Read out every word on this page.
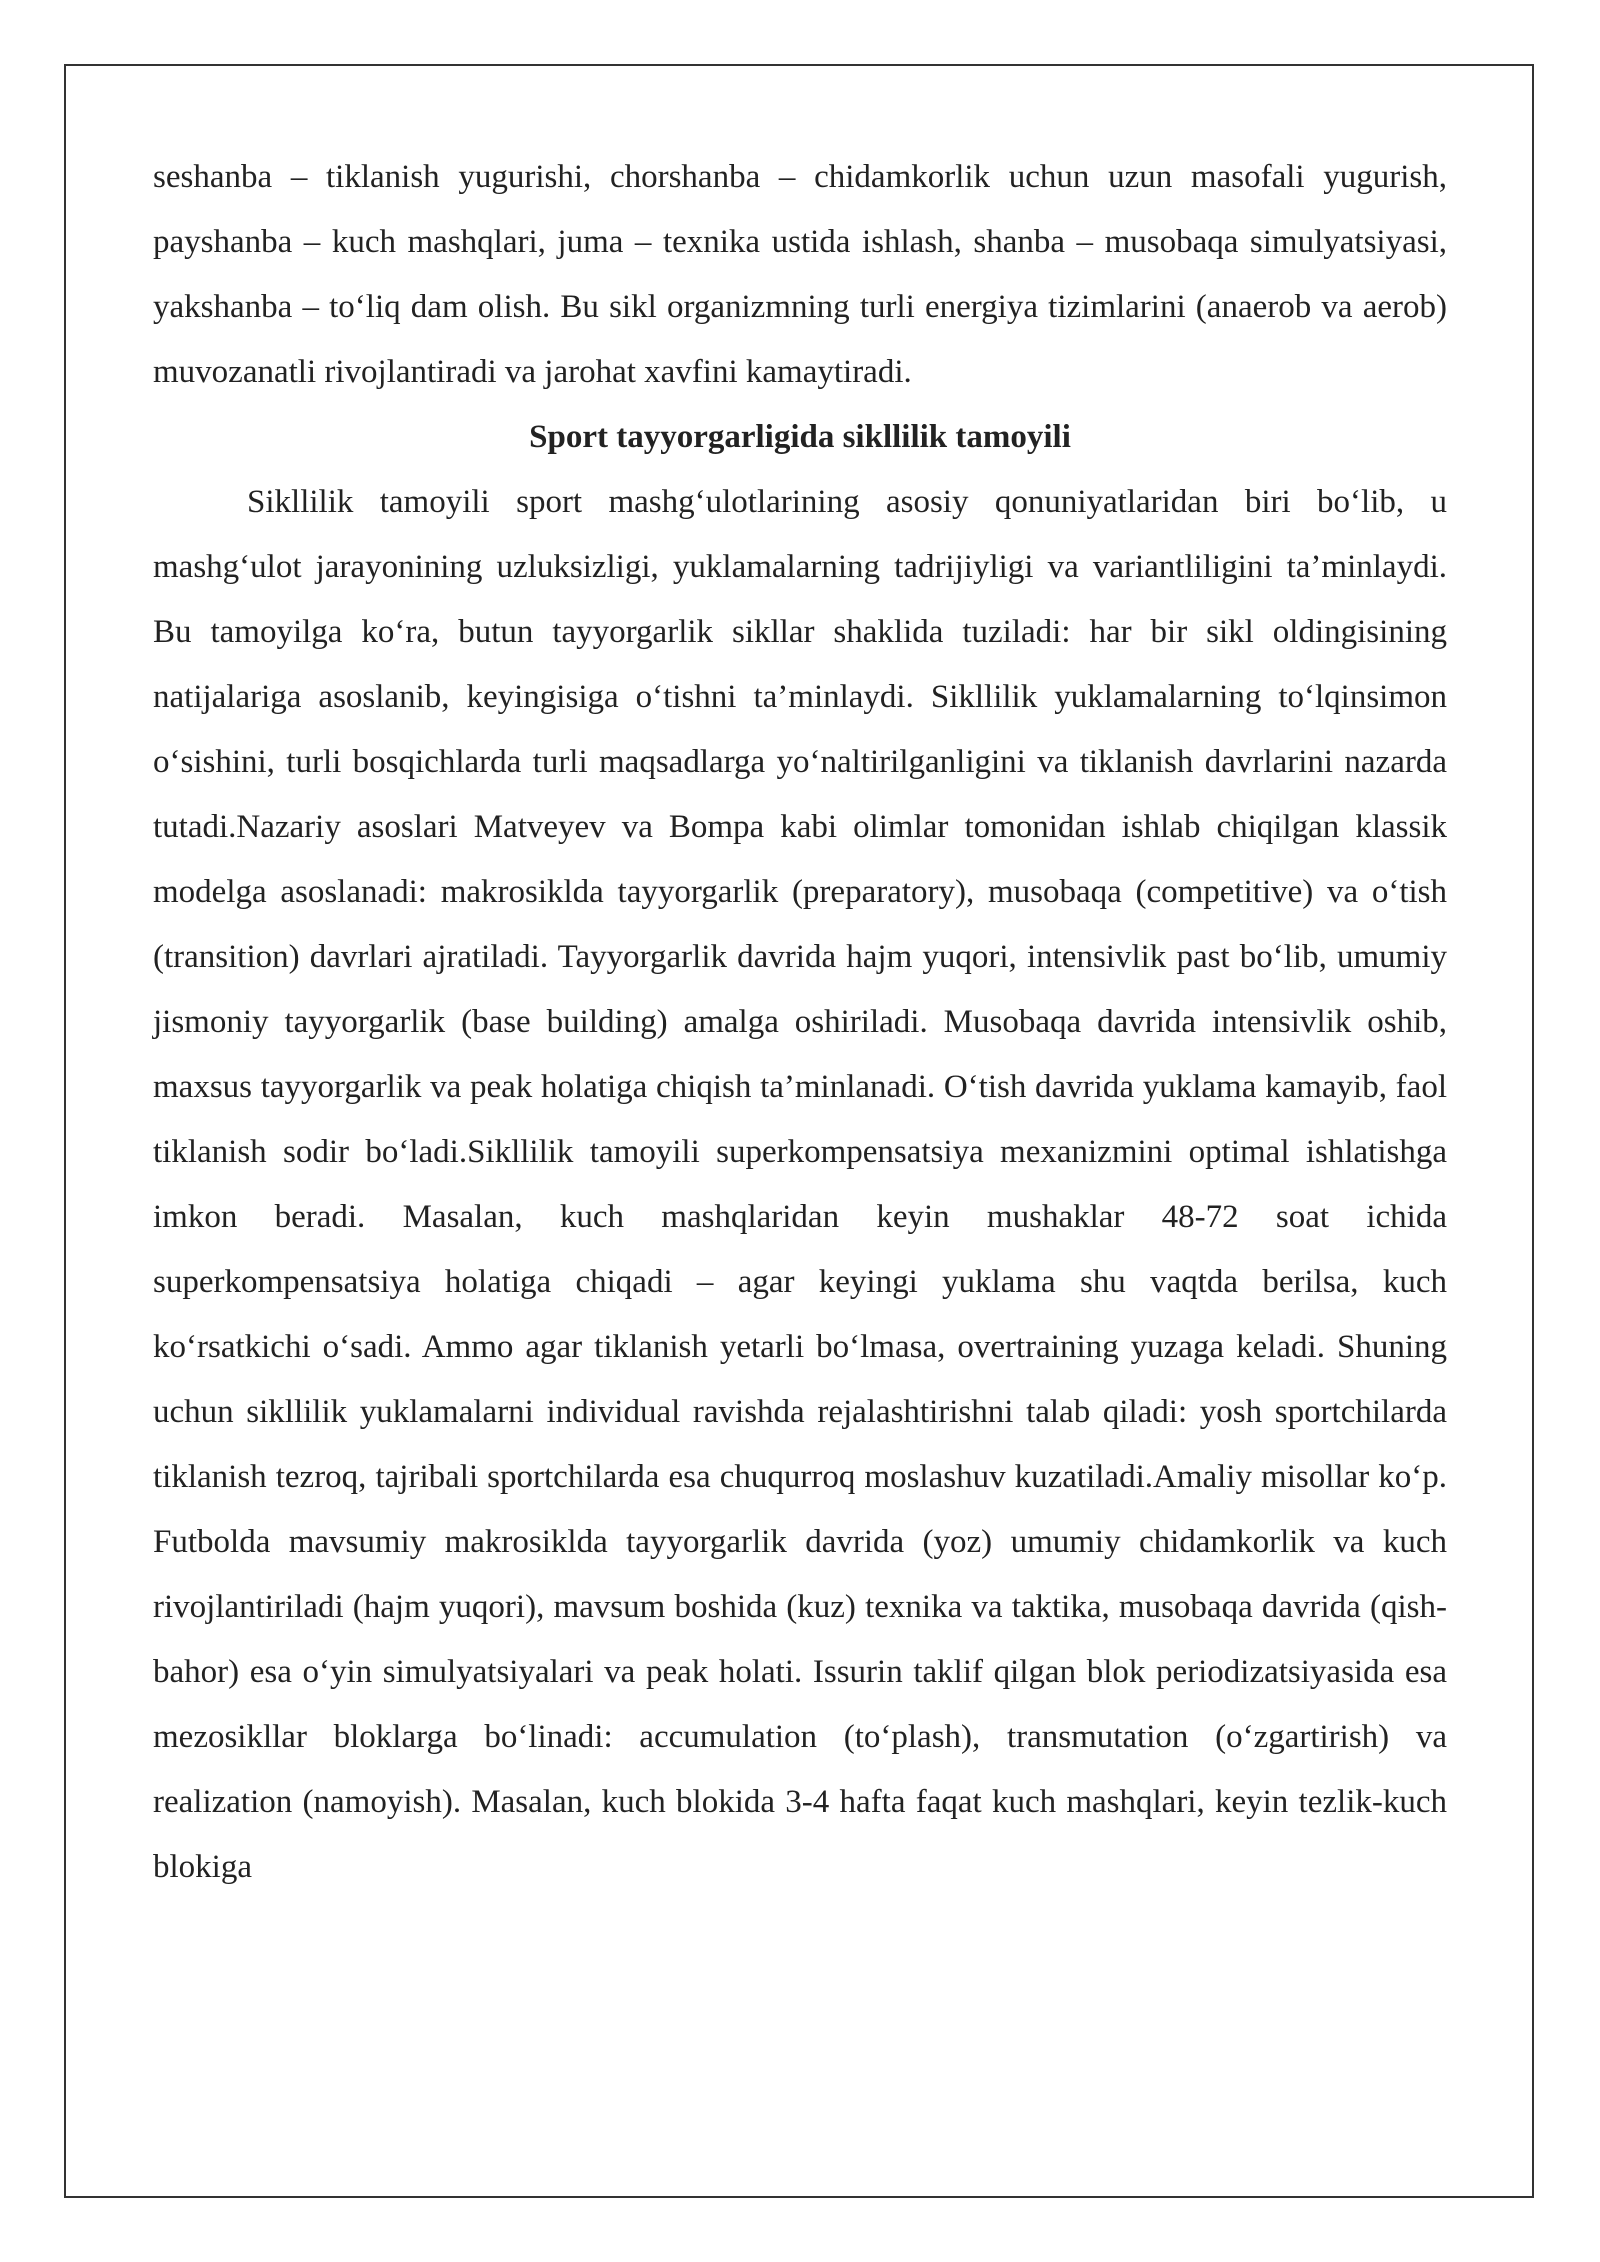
seshanba – tiklanish yugurishi, chorshanba – chidamkorlik uchun uzun masofali yugurish, payshanba – kuch mashqlari, juma – texnika ustida ishlash, shanba – musobaqa simulyatsiyasi, yakshanba – to‘liq dam olish. Bu sikl organizmning turli energiya tizimlarini (anaerob va aerob) muvozanatli rivojlantiradi va jarohat xavfini kamaytiradi.

Sport tayyorgarligida sikllilik tamoyili

Sikllilik tamoyili sport mashg‘ulotlarining asosiy qonuniyatlaridan biri bo‘lib, u mashg‘ulot jarayonining uzluksizligi, yuklamalarning tadrijiyligi va variantliligini ta’minlaydi. Bu tamoyilga ko‘ra, butun tayyorgarlik sikllar shaklida tuziladi: har bir sikl oldingisining natijalariga asoslanib, keyingisiga o‘tishni ta’minlaydi. Sikllilik yuklamalarning to‘lqinsimon o‘sishini, turli bosqichlarda turli maqsadlarga yo‘naltirilganligini va tiklanish davrlarini nazarda tutadi.Nazariy asoslari Matveyev va Bompa kabi olimlar tomonidan ishlab chiqilgan klassik modelga asoslanadi: makrosiklda tayyorgarlik (preparatory), musobaqa (competitive) va o‘tish (transition) davrlari ajratiladi. Tayyorgarlik davrida hajm yuqori, intensivlik past bo‘lib, umumiy jismoniy tayyorgarlik (base building) amalga oshiriladi. Musobaqa davrida intensivlik oshib, maxsus tayyorgarlik va peak holatiga chiqish ta’minlanadi. O‘tish davrida yuklama kamayib, faol tiklanish sodir bo‘ladi.Sikllilik tamoyili superkompensatsiya mexanizmini optimal ishlatishga imkon beradi. Masalan, kuch mashqlaridan keyin mushaklar 48-72 soat ichida superkompensatsiya holatiga chiqadi – agar keyingi yuklama shu vaqtda berilsa, kuch ko‘rsatkichi o‘sadi. Ammo agar tiklanish yetarli bo‘lmasa, overtraining yuzaga keladi. Shuning uchun sikllilik yuklamalarni individual ravishda rejalashtirishni talab qiladi: yosh sportchilarda tiklanish tezroq, tajribali sportchilarda esa chuqurroq moslashuv kuzatiladi.Amaliy misollar ko‘p. Futbolda mavsumiy makrosiklda tayyorgarlik davrida (yoz) umumiy chidamkorlik va kuch rivojlantiriladi (hajm yuqori), mavsum boshida (kuz) texnika va taktika, musobaqa davrida (qish-bahor) esa o‘yin simulyatsiyalari va peak holati. Issurin taklif qilgan blok periodizatsiyasida esa mezosikllar bloklarga bo‘linadi: accumulation (to‘plash), transmutation (o‘zgartirish) va realization (namoyish). Masalan, kuch blokida 3-4 hafta faqat kuch mashqlari, keyin tezlik-kuch blokiga
